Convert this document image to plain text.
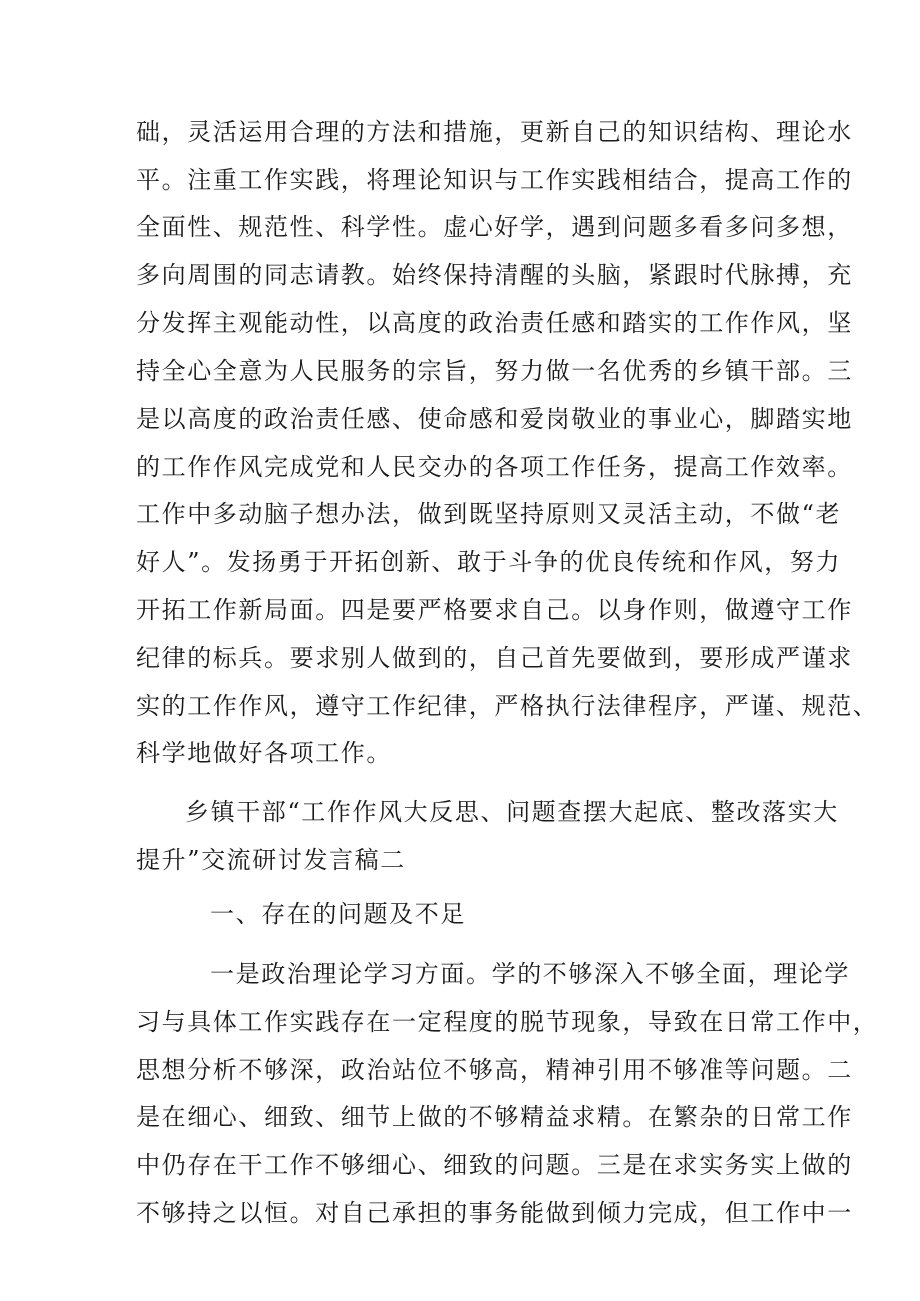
础，灵活运用合理的方法和措施，更新自己的知识结构、理论水
平。注重工作实践，将理论知识与工作实践相结合，提高工作的
全面性、规范性、科学性。虚心好学，遇到问题多看多问多想，
多向周围的同志请教。始终保持清醒的头脑，紧跟时代脉搏，充
分发挥主观能动性，以高度的政治责任感和踏实的工作作风，坚
持全心全意为人民服务的宗旨，努力做一名优秀的乡镇干部。三
是以高度的政治责任感、使命感和爱岗敬业的事业心，脚踏实地
的工作作风完成党和人民交办的各项工作任务，提高工作效率。
工作中多动脑子想办法，做到既坚持原则又灵活主动，不做“老
好人”。发扬勇于开拓创新、敢于斗争的优良传统和作风，努力
开拓工作新局面。四是要严格要求自己。以身作则，做遵守工作
纪律的标兵。要求别人做到的，自己首先要做到，要形成严谨求
实的工作作风，遵守工作纪律，严格执行法律程序，严谨、规范、
科学地做好各项工作。
乡镇干部“工作作风大反思、问题查摆大起底、整改落实大
提升”交流研讨发言稿二
一、存在的问题及不足
一是政治理论学习方面。学的不够深入不够全面，理论学
习与具体工作实践存在一定程度的脱节现象，导致在日常工作中，
思想分析不够深，政治站位不够高，精神引用不够准等问题。二
是在细心、细致、细节上做的不够精益求精。在繁杂的日常工作
中仍存在干工作不够细心、细致的问题。三是在求实务实上做的
不够持之以恒。对自己承担的事务能做到倾力完成，但工作中一
